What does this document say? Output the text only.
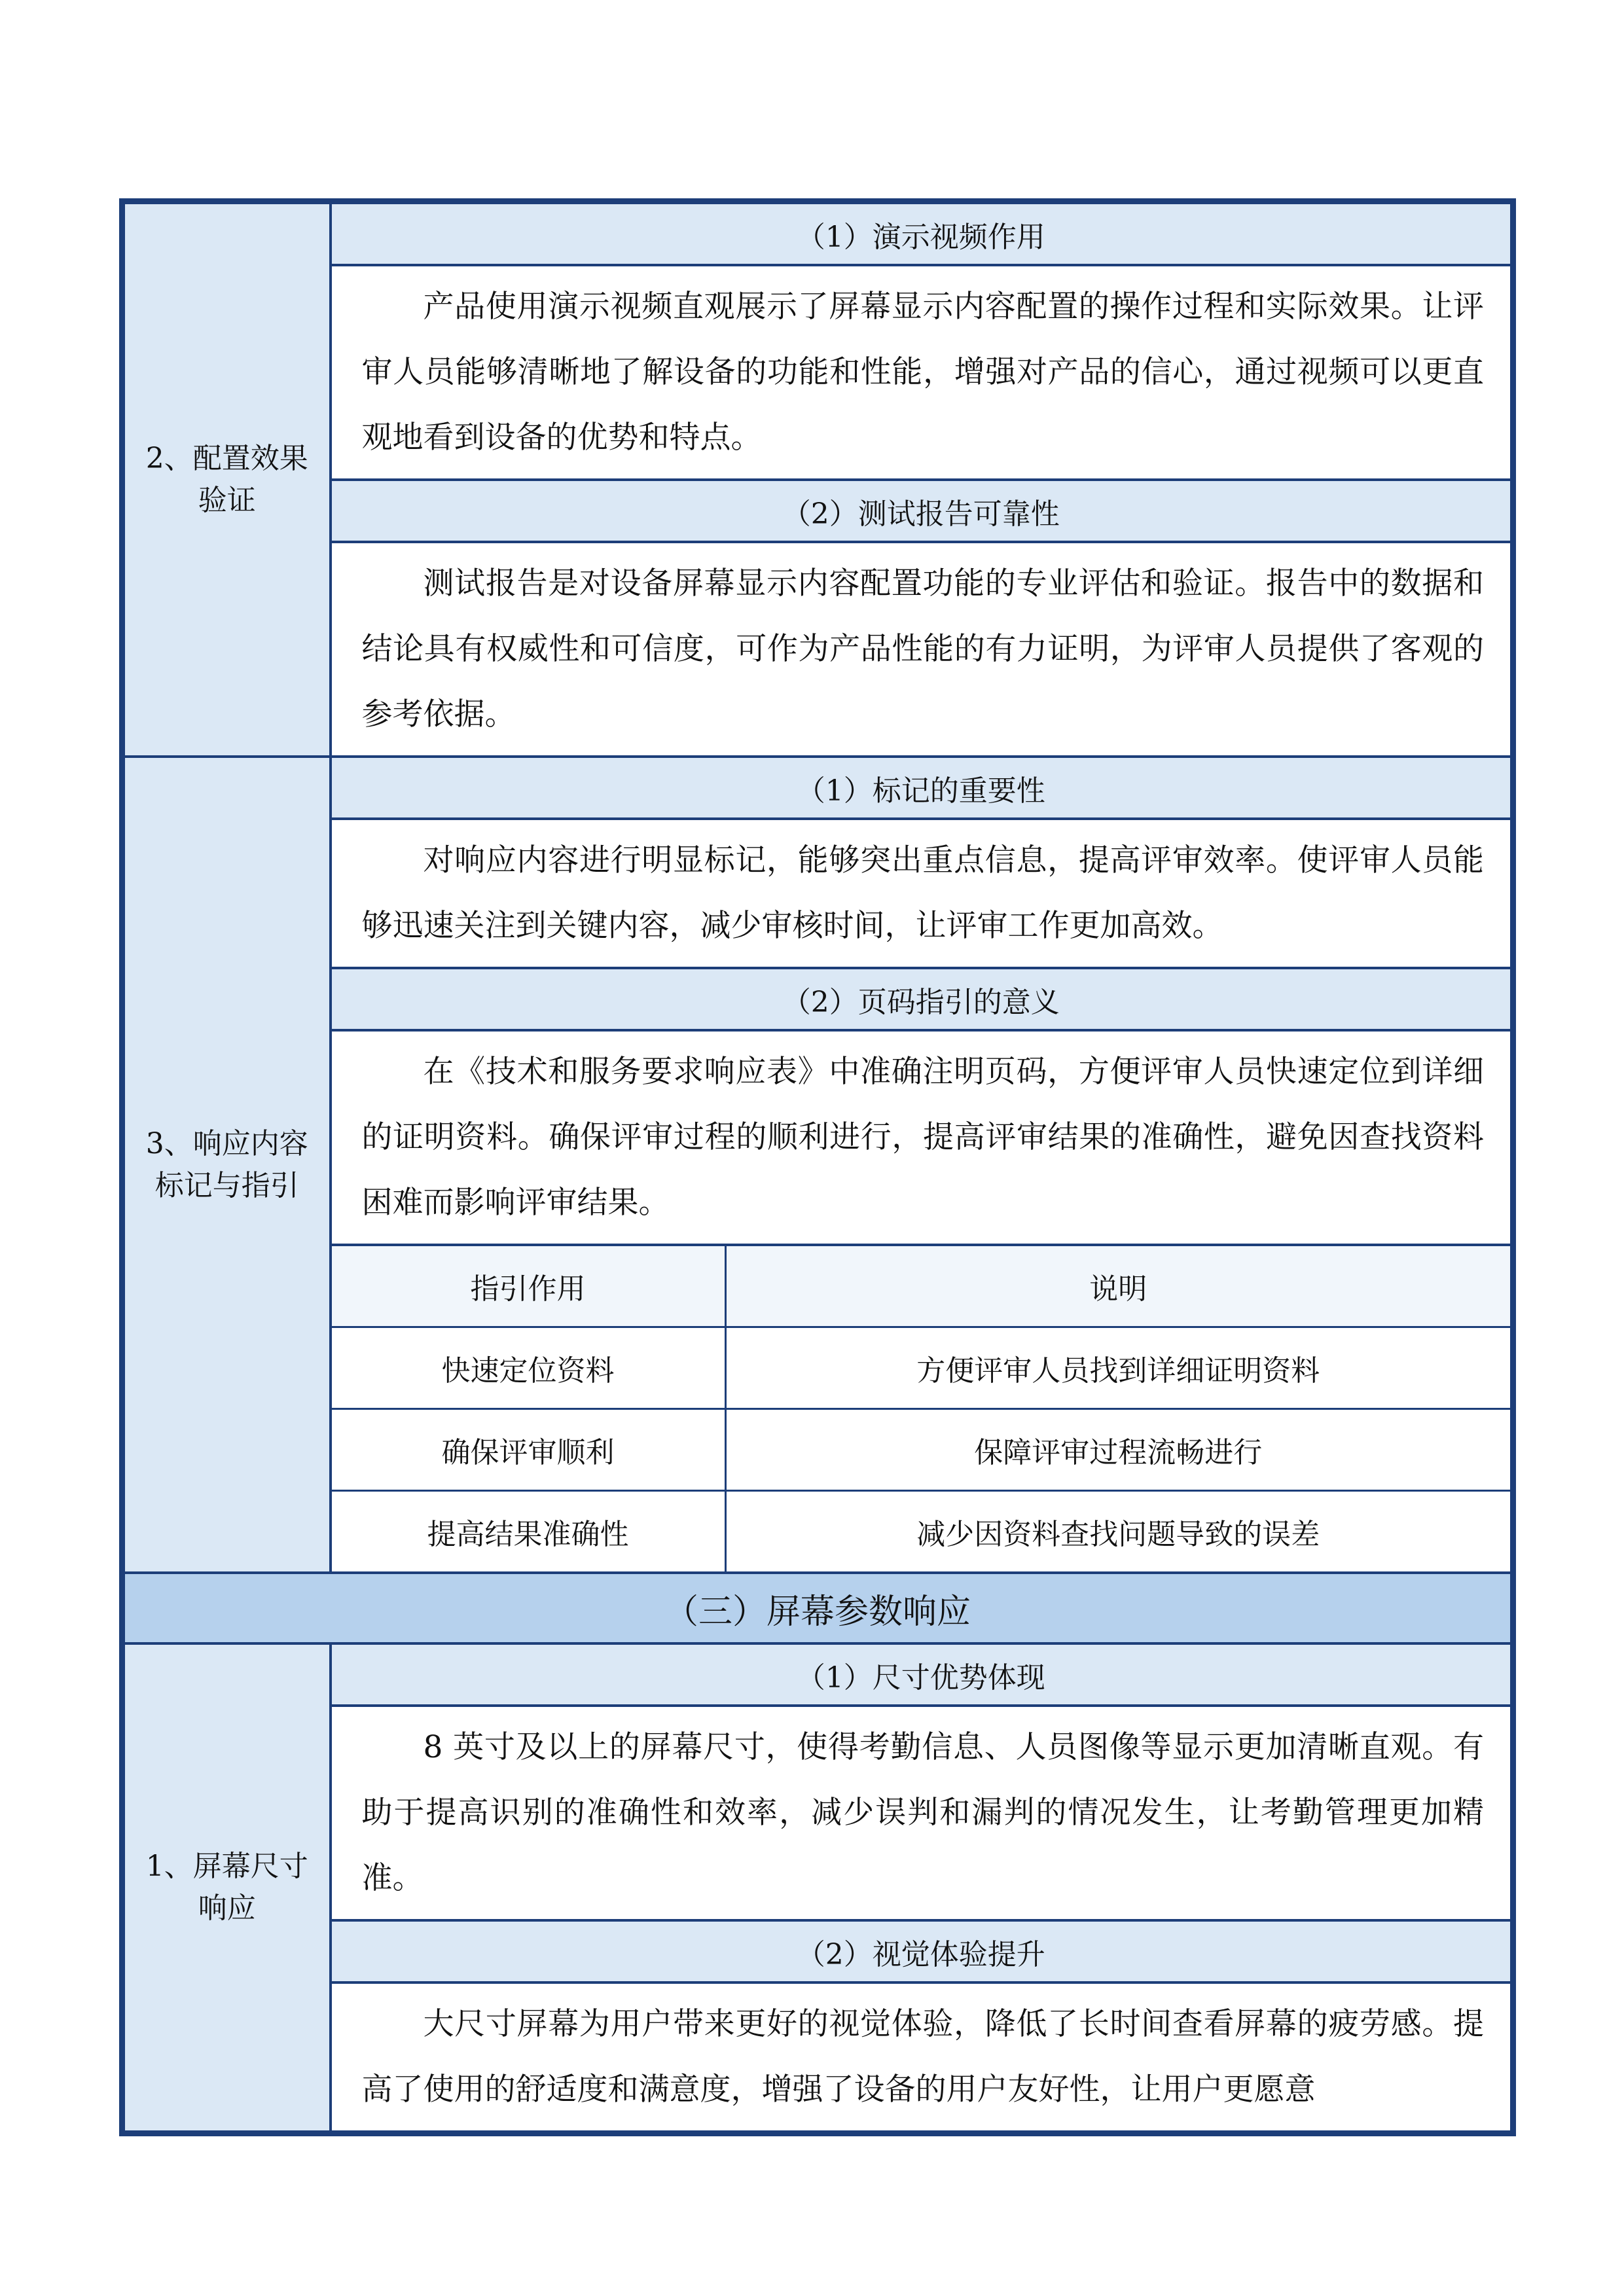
2、配置效果验证	（1）演示视频作用
产品使用演示视频直观展示了屏幕显示内容配置的操作过程和实际效果。让评审人员能够清晰地了解设备的功能和性能，增强对产品的信心，通过视频可以更直观地看到设备的优势和特点。
（2）测试报告可靠性
测试报告是对设备屏幕显示内容配置功能的专业评估和验证。报告中的数据和结论具有权威性和可信度，可作为产品性能的有力证明，为评审人员提供了客观的参考依据。
3、响应内容标记与指引	（1）标记的重要性
对响应内容进行明显标记，能够突出重点信息，提高评审效率。使评审人员能够迅速关注到关键内容，减少审核时间，让评审工作更加高效。
（2）页码指引的意义
在《技术和服务要求响应表》中准确注明页码，方便评审人员快速定位到详细的证明资料。确保评审过程的顺利进行，提高评审结果的准确性，避免因查找资料困难而影响评审结果。

指引作用	说明
快速定位资料	方便评审人员找到详细证明资料
确保评审顺利	保障评审过程流畅进行
提高结果准确性	减少因资料查找问题导致的误差

（三）屏幕参数响应
1、屏幕尺寸响应	（1）尺寸优势体现
8 英寸及以上的屏幕尺寸，使得考勤信息、人员图像等显示更加清晰直观。有助于提高识别的准确性和效率，减少误判和漏判的情况发生，让考勤管理更加精准。
（2）视觉体验提升
大尺寸屏幕为用户带来更好的视觉体验，降低了长时间查看屏幕的疲劳感。提高了使用的舒适度和满意度，增强了设备的用户友好性，让用户更愿意
